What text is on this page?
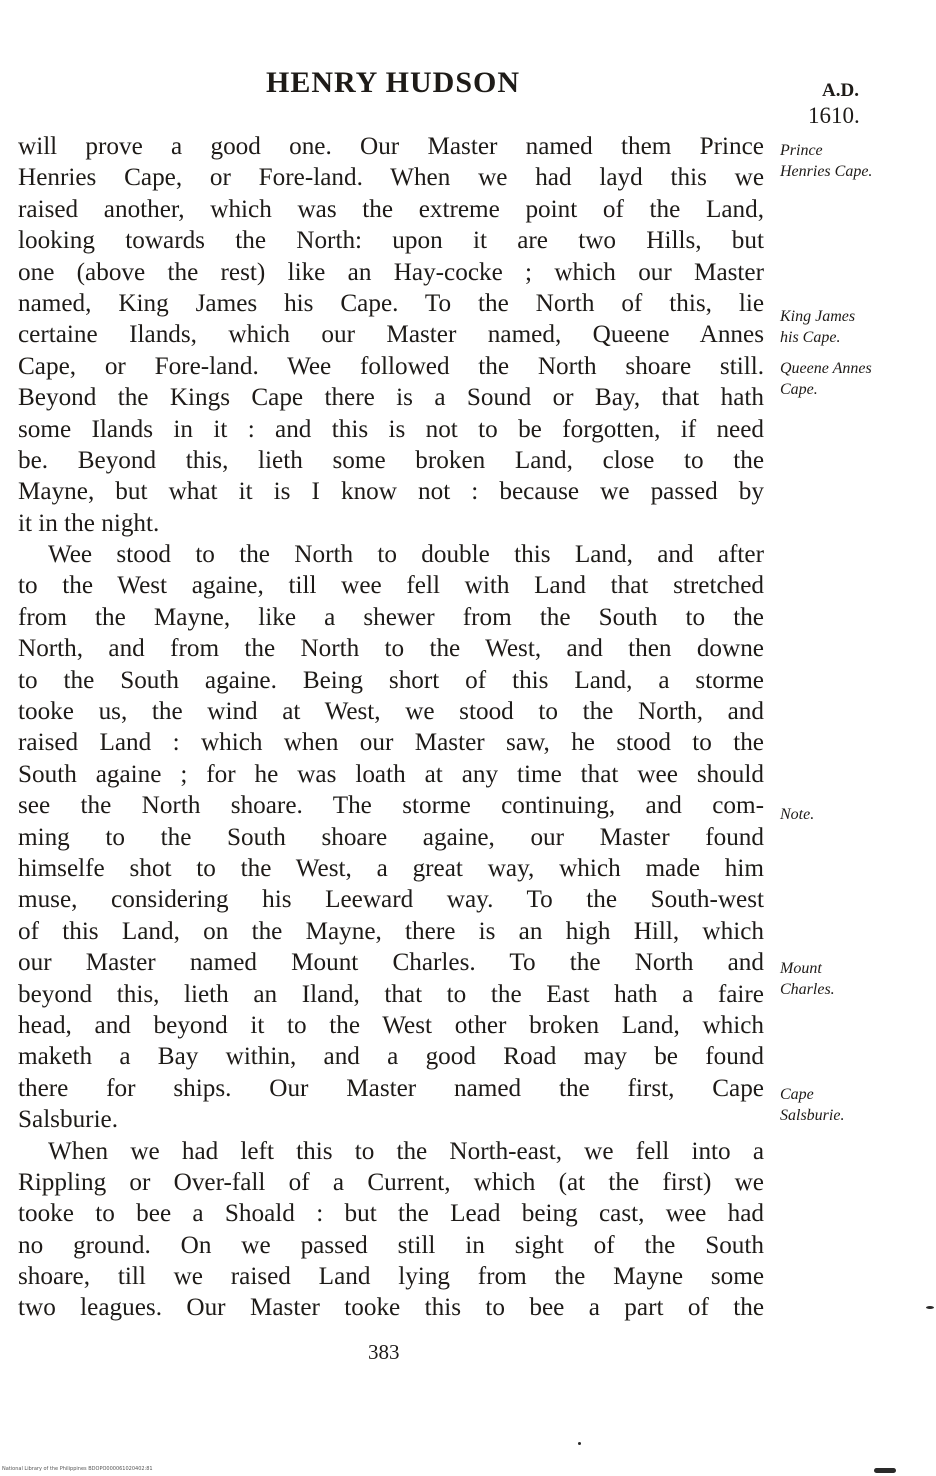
HENRY HUDSON	A.D.
1610.
will prove a good one. Our Master named them Prince
Henries Cape, or Fore-land. When we had layd this we
raised another, which was the extreme point of the Land,
looking towards the North: upon it are two Hills, but
one (above the rest) like an Hay-cocke ; which our Master
named, King James his Cape. To the North of this, lie
certaine Ilands, which our Master named, Queene Annes
Cape, or Fore-land. Wee followed the North shoare still.
Beyond the Kings Cape there is a Sound or Bay, that hath
some Ilands in it : and this is not to be forgotten, if need
be. Beyond this, lieth some broken Land, close to the
Mayne, but what it is I know not : because we passed by
it in the night.
Wee stood to the North to double this Land, and after
to the West againe, till wee fell with Land that stretched
from the Mayne, like a shewer from the South to the
North, and from the North to the West, and then downe
to the South againe. Being short of this Land, a storme
tooke us, the wind at West, we stood to the North, and
raised Land : which when our Master saw, he stood to the
South againe ; for he was loath at any time that wee should
see the North shoare. The storme continuing, and com-
ming to the South shoare againe, our Master found
himselfe shot to the West, a great way, which made him
muse, considering his Leeward way. To the South-west
of this Land, on the Mayne, there is an high Hill, which
our Master named Mount Charles. To the North and
beyond this, lieth an Iland, that to the East hath a faire
head, and beyond it to the West other broken Land, which
maketh a Bay within, and a good Road may be found
there for ships. Our Master named the first, Cape
Salsburie.
When we had left this to the North-east, we fell into a
Rippling or Over-fall of a Current, which (at the first) we
tooke to bee a Shoald : but the Lead being cast, wee had
no ground. On we passed still in sight of the South
shoare, till we raised Land lying from the Mayne some
two leagues. Our Master tooke this to bee a part of the
Prince
Henries Cape.
King James
his Cape.
Queene Annes
Cape.
Note.
Mount
Charles.
Cape
Salsburie.
383
National Library of the Philippines BDOPO000061020402:81
